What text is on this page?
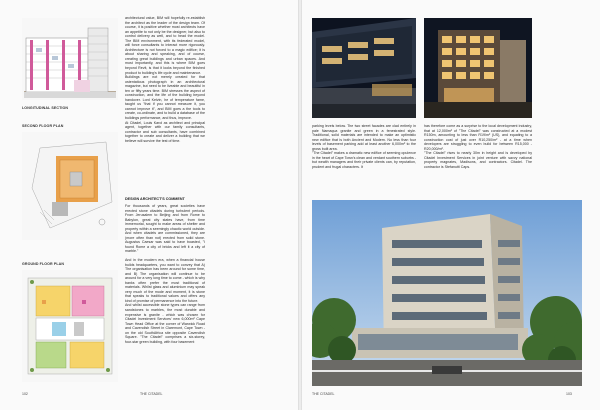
LONGITUDINAL SECTION
SECOND FLOOR PLAN
GROUND FLOOR PLAN
architectural value, BIM will hopefully re-establish the architect as the leader of the design team. Of course, it is positive whether most architects have an appetite to not only be the designer, but also to control delivery as well, and to head the model. The BIM environment, with its federated model, will force consultants to interact more rigorously. Architecture is not forced to a magic edifice; it is about sharing and speaking, and of course, creating great buildings and urban spaces. And most importantly, and this is where BIM goes beyond Revit, is that it looks beyond the finished product to building's life cycle and maintenance.
Buildings are not merely created for that ostentatious photograph in an architectural magazine, but need to be liveable and beautiful in ten or fifty years time. BIM stresses the aspect of construction, and the life of the building beyond handover. Lord Kelvin, he of temperature fame, taught us "that if you cannot measure it, you cannot improve it", and BIM goes a the tools to create, co-ordinate, and to build a database of the buildings performance, and thus, improve.
At Citadel, Louis Karol as architect and principal agent, together with our family consultants, contractor and sub consultants, have combined together to create and deliver a building that we believe will survive the test of time.
DESIGN ARCHITECT'S COMMENT
For thousands of years, great societies have erected stone citadels during turbulent periods. From Jerusalem to Beijing and from Rome to Babylon, great city states have, from time immemorial, sought to make areas of shelter and property within a seemingly chaotic world outside. And when citadels are commissioned, they are (more often than not) erected from solid stone. Augustus Caesar was said to have boasted, "I found Rome a city of bricks and left it a city of marble."
And in the modern era, when a financial house builds headquarters, you want to convey that A) The organisation has been around for some time, and B) The organisation will continue to be around for a very long time to come - which is why banks often prefer the most traditional of materials. Whilst glass and aluminium may speak very much of the mode and moment, it is stone that speaks to traditional values and offers any kind of promise of permanence into the future.
And whilst accessible stone types can range from sandstones to marbles, the most durable and expensive is granite - which was chosen for Citadel Investment Services' new 6,000m² Cape Town Head Office at the corner of Warwick Road and Cavendish Street in Claremont, Cape Town - on the old SouthAfrica site opposite Cavendish Square. "The Citadel" comprises a six-storey, four-star green building, with four basement
102	THE CITADEL
parking levels below. The two street facades are clad entirely in pale Namaqua granite and green in a fenestrated style. Traditional, solid materials are intended to make an optimistic new edifice that is both Ancient and Modern. No less than four levels of basement parking add at least another 6,000m² to the gross built area.
"The Citadel" makes a dramatic new edifice of seeming opulence in the heart of Cape Town's clean and verdant southern suburbs - but wealth managers and their private clients can, by reputation, prudent and frugal characters. It
has therefore come as a surprise to the local development industry, that at 12,000m² of "The Citadel" was constructed at a modest R150m, amounting to less than R19/m² (US), and equating to a construction cost of just over R10,250/m² - at a time when developers are struggling to even build for between R15,000 - R20,000/m².
"The Citadel" rises to nearly 30m in height and is developed by Citadel Investment Services in joint venture with savvy national property magnates, Madisons, and contractors. Citadel. The contractor is Stefanutti Caps.
THE CITADEL	103
